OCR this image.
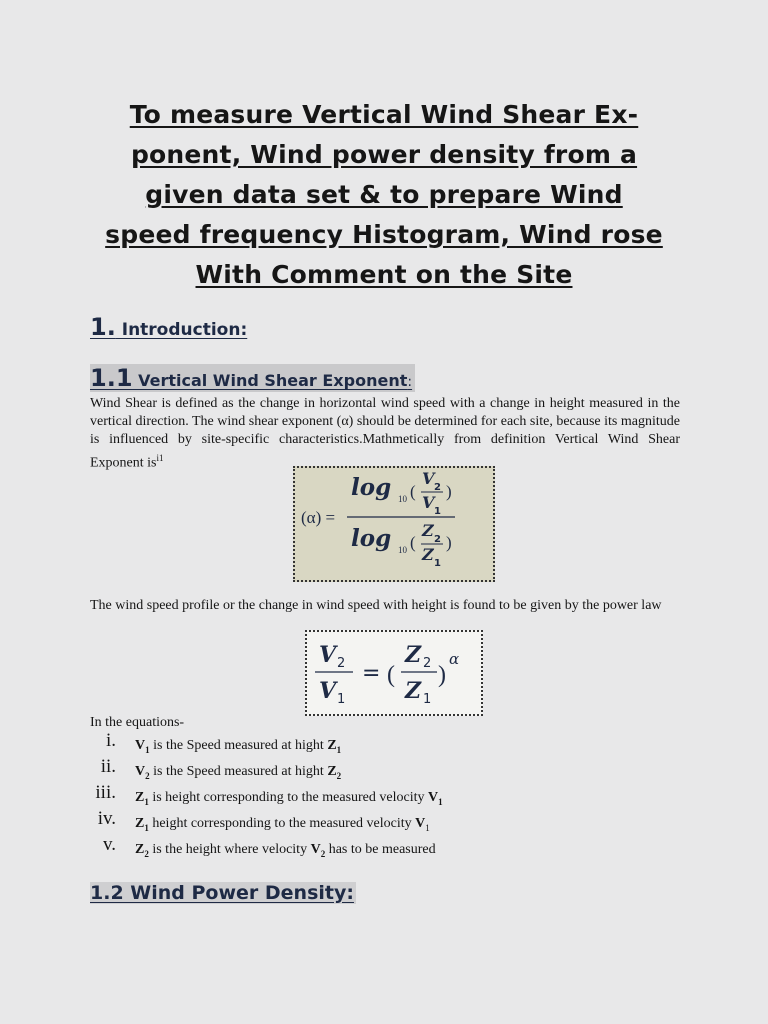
To measure Vertical Wind Shear Ex-
ponent, Wind power density from a
given data set & to prepare Wind
speed frequency Histogram, Wind rose
With Comment on the Site
1. Introduction:
1.1 Vertical Wind Shear Exponent:
Wind Shear is defined as the change in horizontal wind speed with a change in height measured in the vertical direction. The wind shear exponent (α) should be determined for each site, because its magnitude is influenced by site-specific characteristics.Mathmetically from definition Vertical Wind Shear Exponent $is^{i1}$
(α) =
log 10 (
V 2
V 1
)
log 10 (
Z 2
Z 1
)
The wind speed profile or the change in wind speed with height is found to be given by the power law
V 2
V 1
= (
Z 2
Z 1
)
α
In the equations-
i. $V_1$ is the Speed measured at hight $Z_1$
ii. $V_2$ is the Speed measured at hight $Z_2$
iii. $Z_1$ is height corresponding to the measured velocity $V_1$
iv. $Z_1$ height corresponding to the measured velocity $V_1$
v. $Z_2$ is the height where velocity $V_2$ has to be measured
1.2 Wind Power Density:
